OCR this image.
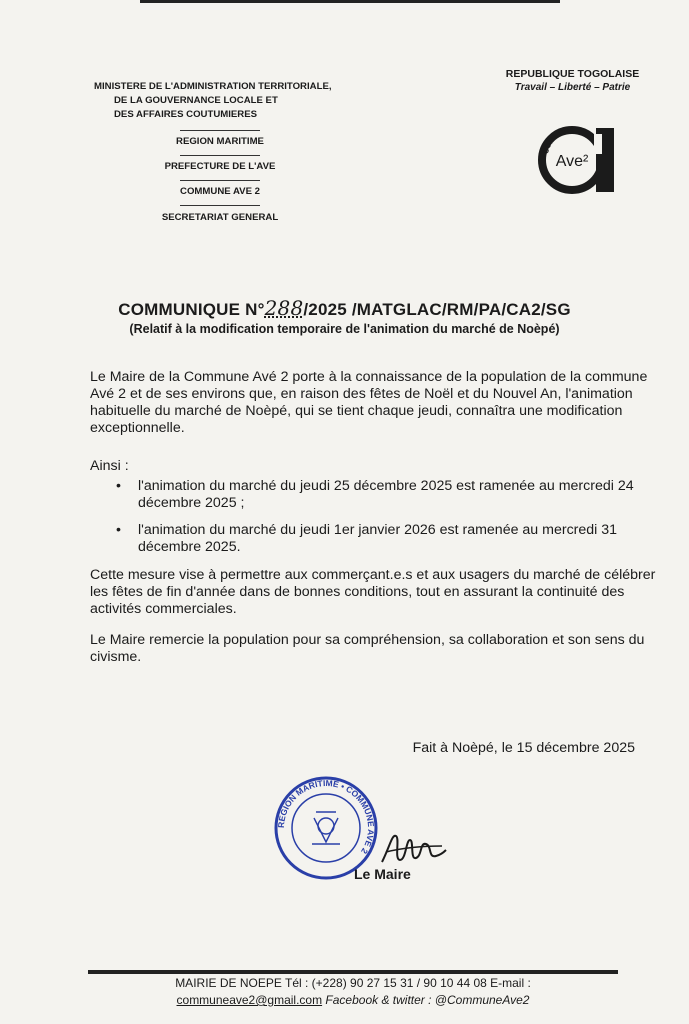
MINISTERE DE L'ADMINISTRATION TERRITORIALE,
DE LA GOUVERNANCE LOCALE ET
DES AFFAIRES COUTUMIERES
REGION MARITIME
PREFECTURE DE L'AVE
COMMUNE AVE 2
SECRETARIAT GENERAL
REPUBLIQUE TOGOLAISE
Travail – Liberté – Patrie
COMMUNE
Ave²
COMMUNIQUE N°288/2025 /MATGLAC/RM/PA/CA2/SG
(Relatif à la modification temporaire de l'animation du marché de Noèpé)
Le Maire de la Commune Avé 2 porte à la connaissance de la population de la commune Avé 2 et de ses environs que, en raison des fêtes de Noël et du Nouvel An, l'animation habituelle du marché de Noèpé, qui se tient chaque jeudi, connaîtra une modification exceptionnelle.
Ainsi :
• l'animation du marché du jeudi 25 décembre 2025 est ramenée au mercredi 24 décembre 2025 ;
• l'animation du marché du jeudi 1er janvier 2026 est ramenée au mercredi 31 décembre 2025.
Cette mesure vise à permettre aux commerçant.e.s et aux usagers du marché de célébrer les fêtes de fin d'année dans de bonnes conditions, tout en assurant la continuité des activités commerciales.
Le Maire remercie la population pour sa compréhension, sa collaboration et son sens du civisme.
Fait à Noèpé, le 15 décembre 2025
REGION MARITIME • COMMUNE AVE 2
Le Maire
MAIRIE DE NOEPE Tél : (+228) 90 27 15 31 / 90 10 44 08 E-mail :
communeave2@gmail.com Facebook & twitter : @CommuneAve2
